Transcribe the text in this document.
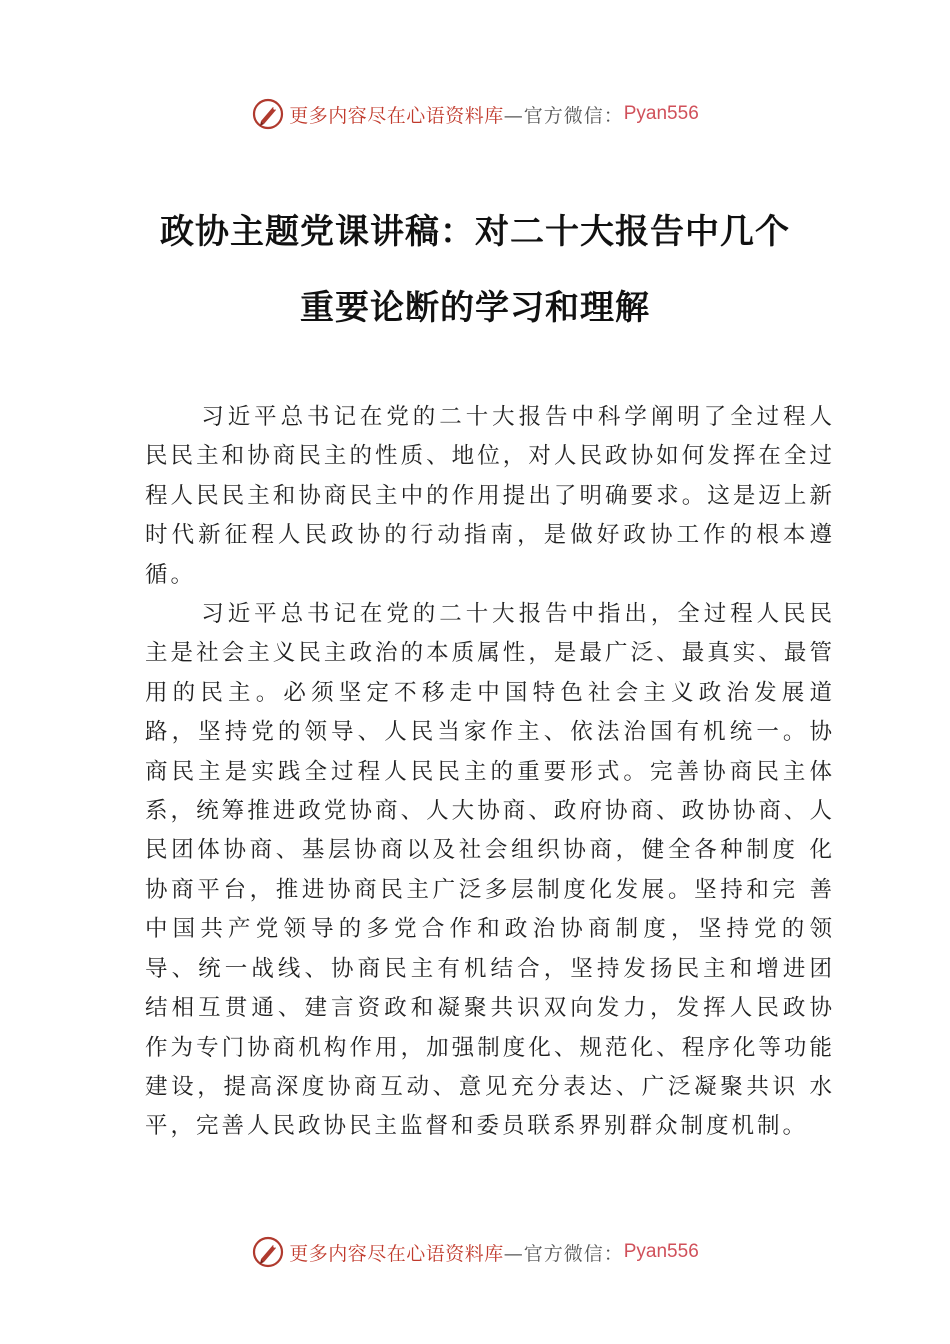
更多内容尽在心语资料库 —官方微信： Pyan556
政协主题党课讲稿：对二十大报告中几个
重要论断的学习和理解

习近平总书记在党的二十大报告中科学阐明了全过程人民民主和协商民主的性质、地位，对人民政协如何发挥在全过程人民民主和协商民主中的作用提出了明确要求。这是迈上新时代新征程人民政协的行动指南，是做好政协工作的根本遵循。

习近平总书记在党的二十大报告中指出，全过程人民民主是社会主义民主政治的本质属性，是最广泛、最真实、最管用的民主。必须坚定不移走中国特色社会主义政治发展道 路，坚持党的领导、人民当家作主、依法治国有机统一。协 商民主是实践全过程人民民主的重要形式。完善协商民主体系，统筹推进政党协商、人大协商、政府协商、政协协商、人民团体协商、基层协商以及社会组织协商，健全各种制度 化协商平台，推进协商民主广泛多层制度化发展。坚持和完 善中国共产党领导的多党合作和政治协商制度，坚持党的领 导、统一战线、协商民主有机结合，坚持发扬民主和增进团 结相互贯通、建言资政和凝聚共识双向发力，发挥人民政协 作为专门协商机构作用，加强制度化、规范化、程序化等功能建设，提高深度协商互动、意见充分表达、广泛凝聚共识 水平，完善人民政协民主监督和委员联系界别群众制度机制。

更多内容尽在心语资料库 —官方微信： Pyan556
